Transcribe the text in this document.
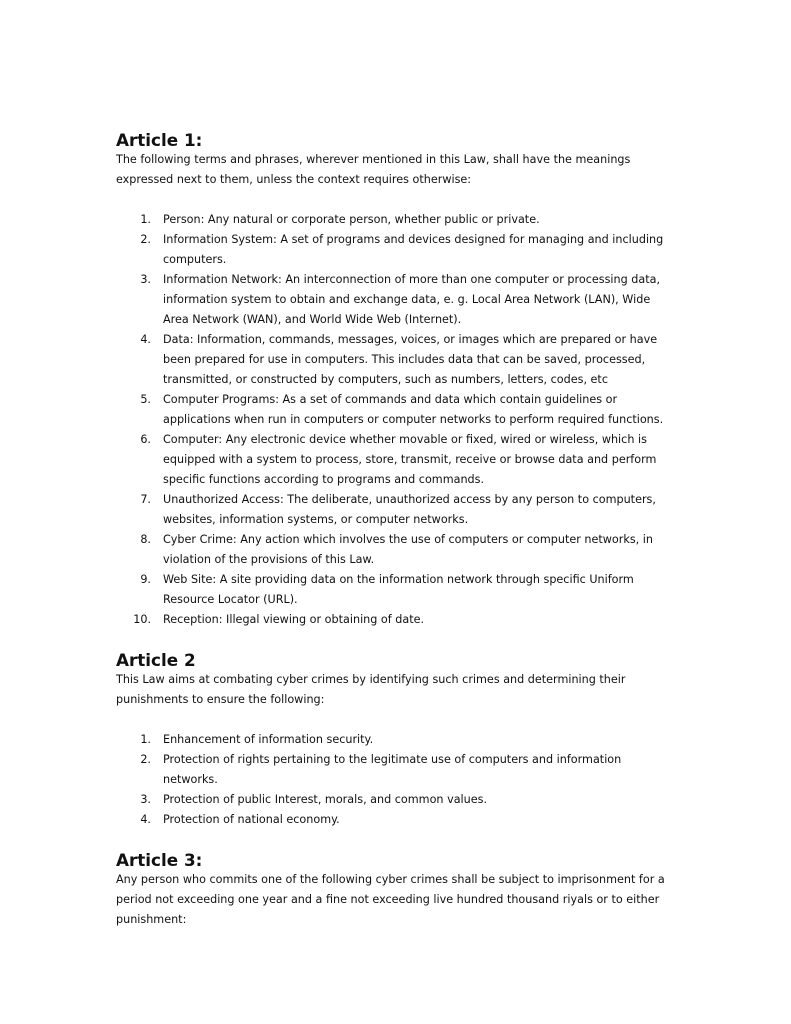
Article 1:

The following terms and phrases, wherever mentioned in this Law, shall have the meanings expressed next to them, unless the context requires otherwise:

1. Person: Any natural or corporate person, whether public or private.
2. Information System: A set of programs and devices designed for managing and including computers.
3. Information Network: An interconnection of more than one computer or processing data, information system to obtain and exchange data, e. g. Local Area Network (LAN), Wide Area Network (WAN), and World Wide Web (Internet).
4. Data: Information, commands, messages, voices, or images which are prepared or have been prepared for use in computers. This includes data that can be saved, processed, transmitted, or constructed by computers, such as numbers, letters, codes, etc
5. Computer Programs: As a set of commands and data which contain guidelines or applications when run in computers or computer networks to perform required functions.
6. Computer: Any electronic device whether movable or fixed, wired or wireless, which is equipped with a system to process, store, transmit, receive or browse data and perform specific functions according to programs and commands.
7. Unauthorized Access: The deliberate, unauthorized access by any person to computers, websites, information systems, or computer networks.
8. Cyber Crime: Any action which involves the use of computers or computer networks, in violation of the provisions of this Law.
9. Web Site: A site providing data on the information network through specific Uniform Resource Locator (URL).
10. Reception: Illegal viewing or obtaining of date.
Article 2

This Law aims at combating cyber crimes by identifying such crimes and determining their punishments to ensure the following:

1. Enhancement of information security.
2. Protection of rights pertaining to the legitimate use of computers and information networks.
3. Protection of public Interest, morals, and common values.
4. Protection of national economy.
Article 3:

Any person who commits one of the following cyber crimes shall be subject to imprisonment for a period not exceeding one year and a fine not exceeding live hundred thousand riyals or to either punishment:
